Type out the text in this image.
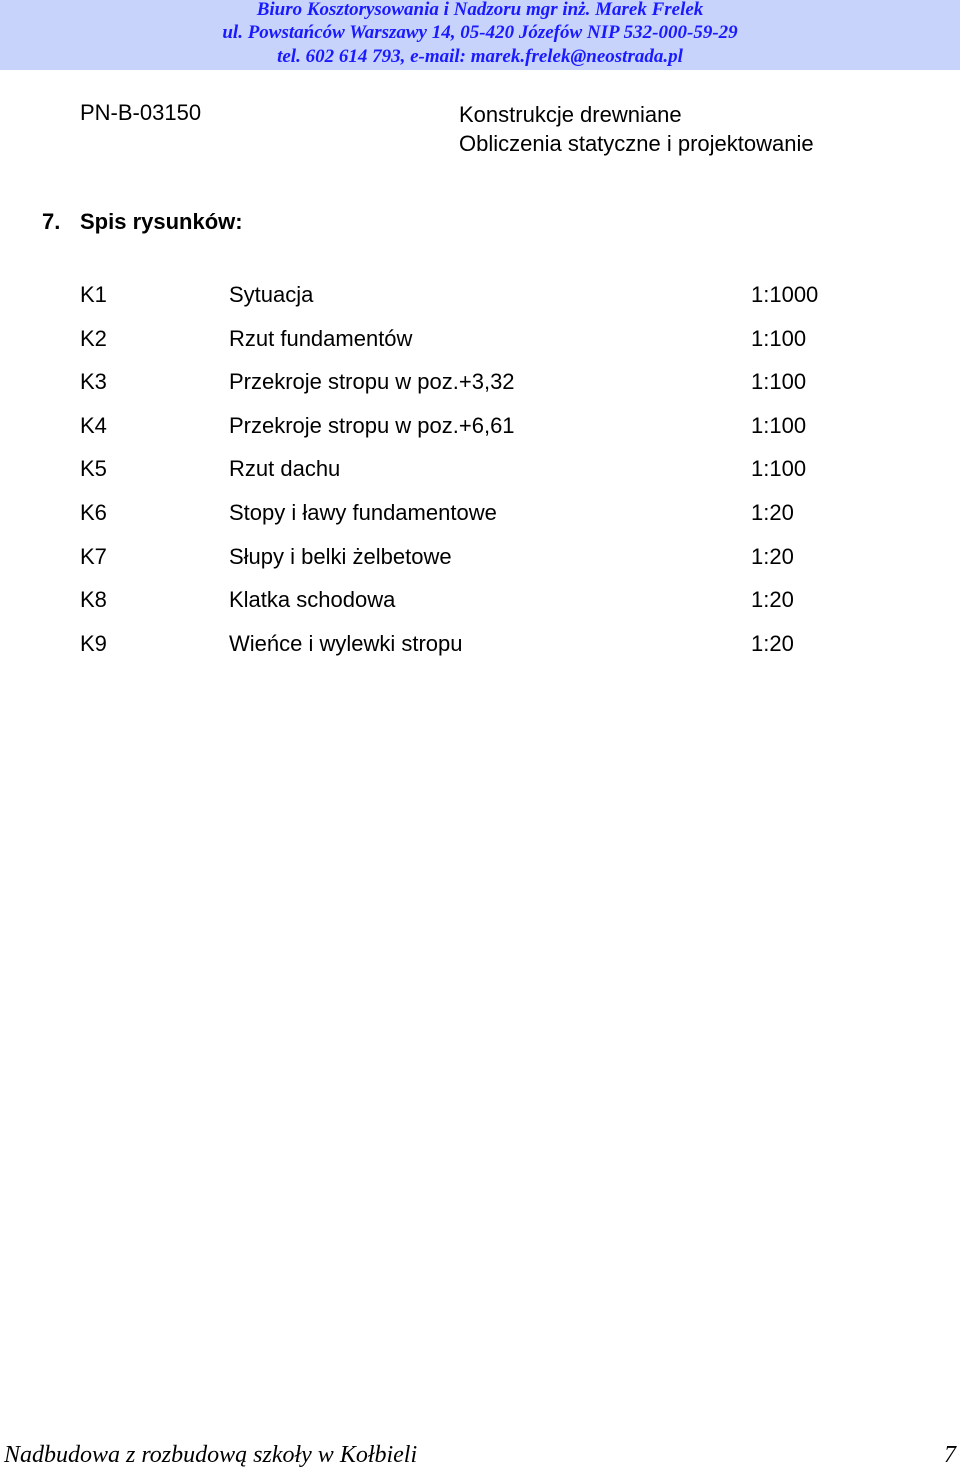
Biuro Kosztorysowania i Nadzoru mgr inż. Marek Frelek
ul. Powstańców Warszawy 14, 05-420 Józefów NIP 532-000-59-29
tel. 602 614 793, e-mail: marek.frelek@neostrada.pl
PN-B-03150	Konstrukcje drewniane
Obliczenia statyczne i projektowanie
7. Spis rysunków:
K1	Sytuacja	1:1000
K2	Rzut fundamentów	1:100
K3	Przekroje stropu w poz.+3,32	1:100
K4	Przekroje stropu w poz.+6,61	1:100
K5	Rzut dachu	1:100
K6	Stopy i ławy fundamentowe	1:20
K7	Słupy i belki żelbetowe	1:20
K8	Klatka schodowa	1:20
K9	Wieńce i wylewki stropu	1:20
Nadbudowa z rozbudową szkoły w Kołbieli	7
